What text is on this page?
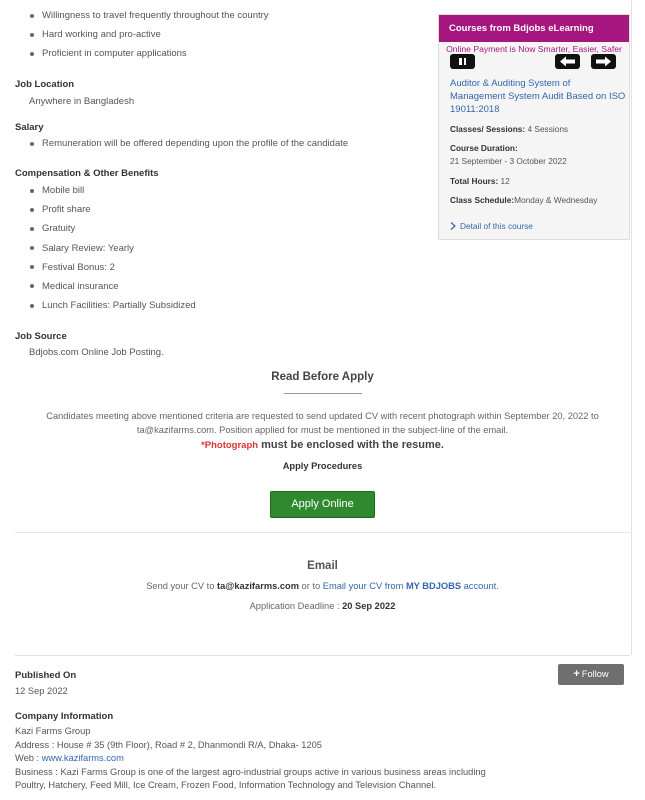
Willingness to travel frequently throughout the country
Hard working and pro-active
Proficient in computer applications
Job Location
Anywhere in Bangladesh
Salary
Remuneration will be offered depending upon the profile of the candidate
Compensation & Other Benefits
Mobile bill
Profit share
Gratuity
Salary Review: Yearly
Festival Bonus: 2
Medical insurance
Lunch Facilities: Partially Subsidized
Job Source
Bdjobs.com Online Job Posting.
Courses from Bdjobs eLearning
Online Payment is Now Smarter, Easier, Safer
Auditor & Auditing System of Management System Audit Based on ISO 19011:2018
Classes/ Sessions: 4 Sessions
Course Duration:
21 September - 3 October 2022
Total Hours: 12
Class Schedule:Monday & Wednesday
Detail of this course
Read Before Apply
Candidates meeting above mentioned criteria are requested to send updated CV with recent photograph within September 20, 2022 to ta@kazifarms.com. Position applied for must be mentioned in the subject-line of the email.
*Photograph must be enclosed with the resume.
Apply Procedures
Apply Online
Email
Send your CV to ta@kazifarms.com or to Email your CV from MY BDJOBS account.
Application Deadline : 20 Sep 2022
Published On
12 Sep 2022
+ Follow
Company Information
Kazi Farms Group
Address : House # 35 (9th Floor), Road # 2, Dhanmondi R/A, Dhaka- 1205
Web : www.kazifarms.com
Business : Kazi Farms Group is one of the largest agro-industrial groups active in various business areas including
Poultry, Hatchery, Feed Mill, Ice Cream, Frozen Food, Information Technology and Television Channel.
